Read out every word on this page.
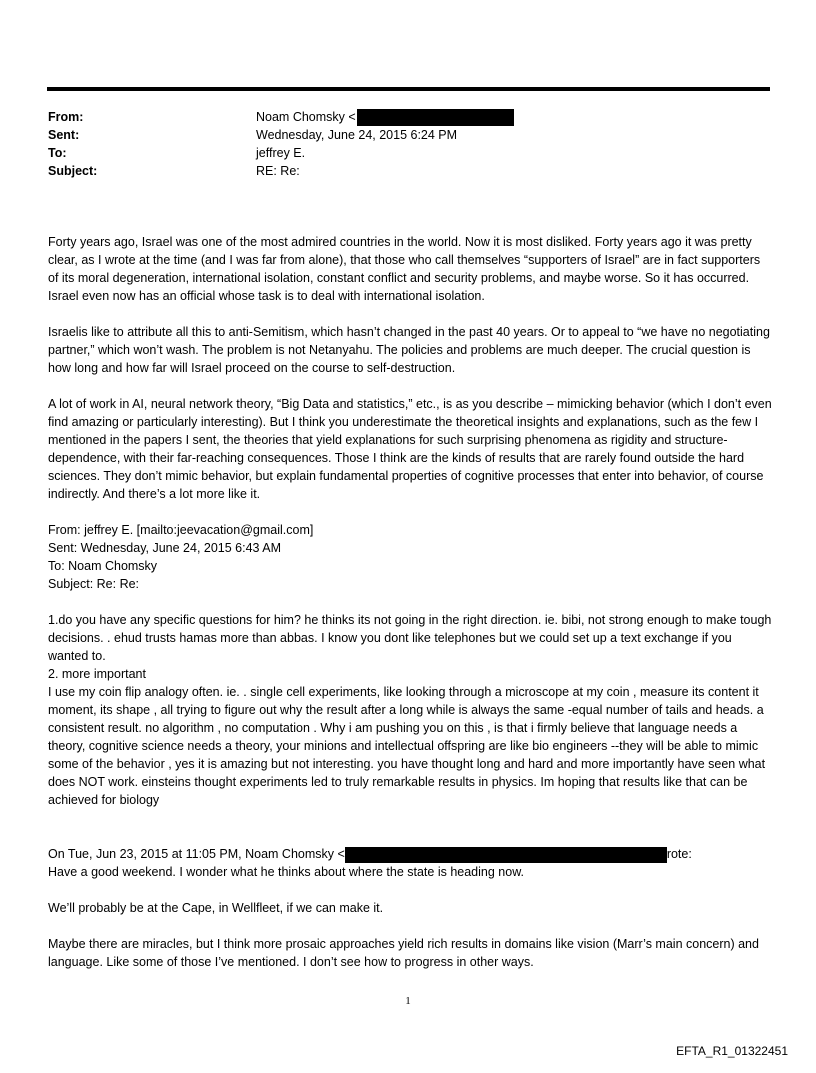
From:	Noam Chomsky <
Sent:	Wednesday, June 24, 2015 6:24 PM
To:	jeffrey E.
Subject:	RE: Re:

Forty years ago, Israel was one of the most admired countries in the world. Now it is most disliked. Forty years ago it was pretty clear, as I wrote at the time (and I was far from alone), that those who call themselves “supporters of Israel” are in fact supporters of its moral degeneration, international isolation, constant conflict and security problems, and maybe worse. So it has occurred. Israel even now has an official whose task is to deal with international isolation.

Israelis like to attribute all this to anti-Semitism, which hasn’t changed in the past 40 years. Or to appeal to “we have no negotiating partner,” which won’t wash. The problem is not Netanyahu. The policies and problems are much deeper. The crucial question is how long and how far will Israel proceed on the course to self-destruction.

A lot of work in AI, neural network theory, “Big Data and statistics,” etc., is as you describe – mimicking behavior (which I don’t even find amazing or particularly interesting). But I think you underestimate the theoretical insights and explanations, such as the few I mentioned in the papers I sent, the theories that yield explanations for such surprising phenomena as rigidity and structure-dependence, with their far-reaching consequences. Those I think are the kinds of results that are rarely found outside the hard sciences. They don’t mimic behavior, but explain fundamental properties of cognitive processes that enter into behavior, of course indirectly. And there’s a lot more like it.

From: jeffrey E. [mailto:jeevacation@gmail.com]
Sent: Wednesday, June 24, 2015 6:43 AM
To: Noam Chomsky
Subject: Re: Re:
1.do you have any specific questions for him? he thinks its not going in the right direction. ie. bibi, not strong enough to make tough decisions. . ehud trusts hamas more than abbas. I know you dont like telephones but we could set up a text exchange if you wanted to.
2. more important
I use my coin flip analogy often. ie. . single cell experiments, like looking through a microscope at my coin , measure its content it moment, its shape , all trying to figure out why the result after a long while is always the same -equal number of tails and heads. a consistent result. no algorithm , no computation . Why i am pushing you on this , is that i firmly believe that language needs a theory, cognitive science needs a theory, your minions and intellectual offspring are like bio engineers --they will be able to mimic some of the behavior , yes it is amazing but not interesting. you have thought long and hard and more importantly have seen what does NOT work. einsteins thought experiments led to truly remarkable results in physics. Im hoping that results like that can be achieved for biology
On Tue, Jun 23, 2015 at 11:05 PM, Noam Chomsky <	rote:

Have a good weekend. I wonder what he thinks about where the state is heading now.

We’ll probably be at the Cape, in Wellfleet, if we can make it.

Maybe there are miracles, but I think more prosaic approaches yield rich results in domains like vision (Marr’s main concern) and language. Like some of those I’ve mentioned. I don’t see how to progress in other ways.

1
EFTA_R1_01322451
